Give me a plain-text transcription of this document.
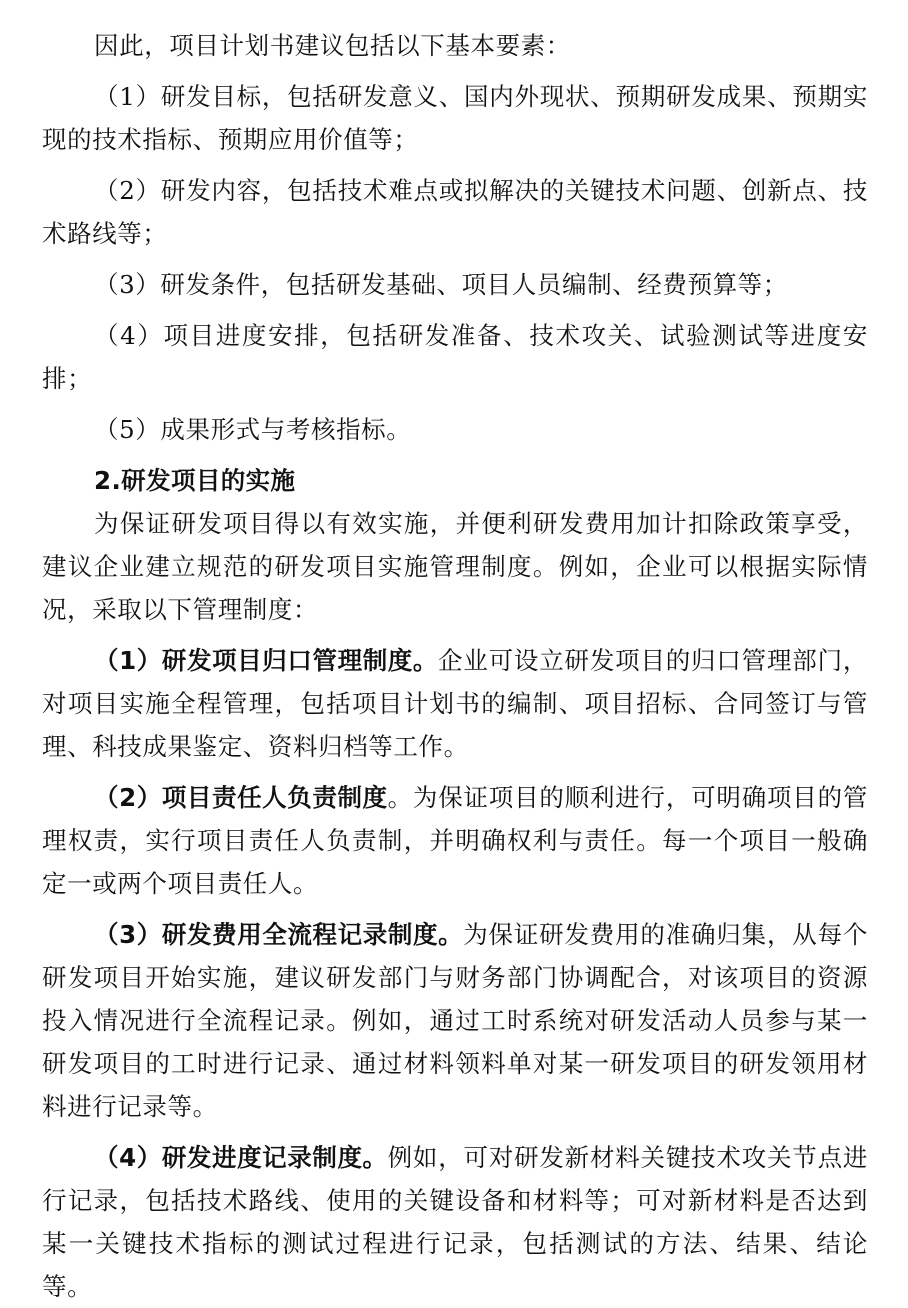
因此，项目计划书建议包括以下基本要素：

（1）研发目标，包括研发意义、国内外现状、预期研发成果、预期实现的技术指标、预期应用价值等；

（2）研发内容，包括技术难点或拟解决的关键技术问题、创新点、技术路线等；

（3）研发条件，包括研发基础、项目人员编制、经费预算等；

（4）项目进度安排，包括研发准备、技术攻关、试验测试等进度安排；

（5）成果形式与考核指标。

2.研发项目的实施

为保证研发项目得以有效实施，并便利研发费用加计扣除政策享受，建议企业建立规范的研发项目实施管理制度。例如，企业可以根据实际情况，采取以下管理制度：

（1）研发项目归口管理制度。企业可设立研发项目的归口管理部门，对项目实施全程管理，包括项目计划书的编制、项目招标、合同签订与管理、科技成果鉴定、资料归档等工作。

（2）项目责任人负责制度。为保证项目的顺利进行，可明确项目的管理权责，实行项目责任人负责制，并明确权利与责任。每一个项目一般确定一或两个项目责任人。

（3）研发费用全流程记录制度。为保证研发费用的准确归集，从每个研发项目开始实施，建议研发部门与财务部门协调配合，对该项目的资源投入情况进行全流程记录。例如，通过工时系统对研发活动人员参与某一研发项目的工时进行记录、通过材料领料单对某一研发项目的研发领用材料进行记录等。

（4）研发进度记录制度。例如，可对研发新材料关键技术攻关节点进行记录，包括技术路线、使用的关键设备和材料等；可对新材料是否达到某一关键技术指标的测试过程进行记录，包括测试的方法、结果、结论等。
